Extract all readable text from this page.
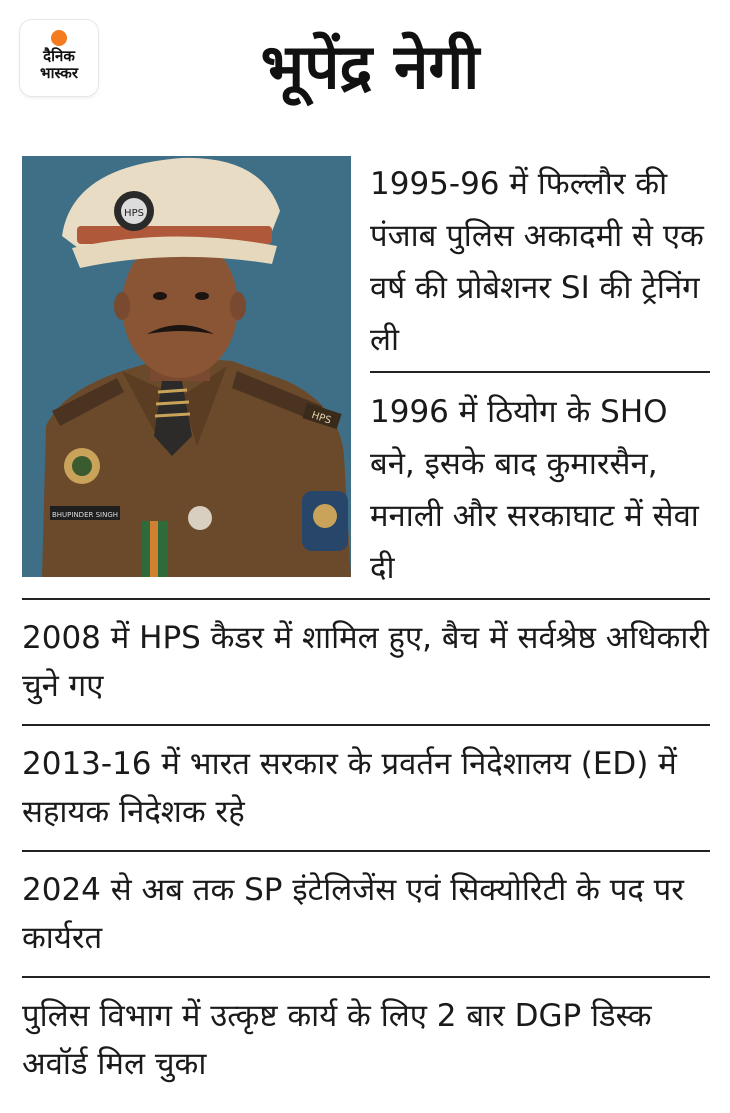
दैनिक
भास्कर	भूपेंद्र नेगी
HPS
HPS
BHUPINDER SINGH
1995-96 में फिल्लौर की पंजाब पुलिस अकादमी से एक वर्ष की प्रोबेशनर SI की ट्रेनिंग ली
1996 में ठियोग के SHO बने, इसके बाद कुमारसैन, मनाली और सरकाघाट में सेवा दी
2008 में HPS कैडर में शामिल हुए, बैच में सर्वश्रेष्ठ अधिकारी चुने गए
2013-16 में भारत सरकार के प्रवर्तन निदेशालय (ED) में सहायक निदेशक रहे
2024 से अब तक SP इंटेलिजेंस एवं सिक्योरिटी के पद पर कार्यरत
पुलिस विभाग में उत्कृष्ट कार्य के लिए 2 बार DGP डिस्क अवॉर्ड मिल चुका
